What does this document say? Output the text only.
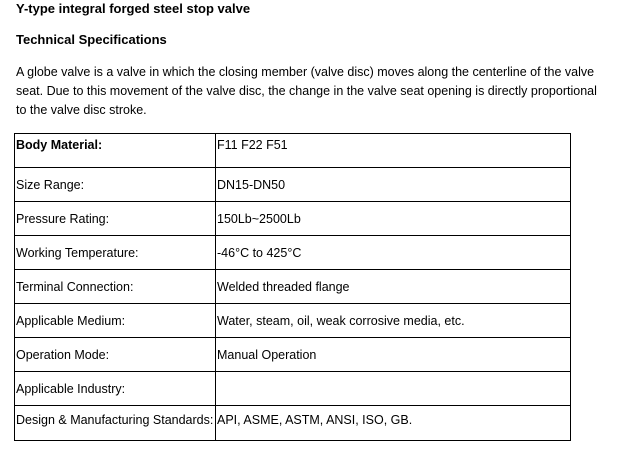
Y-type integral forged steel stop valve
Technical Specifications
A globe valve is a valve in which the closing member (valve disc) moves along the centerline of the valve seat. Due to this movement of the valve disc, the change in the valve seat opening is directly proportional to the valve disc stroke.
Body Material:	F11 F22 F51
Size Range:	DN15-DN50
Pressure Rating:	150Lb~2500Lb
Working Temperature:	-46°C to 425°C
Terminal Connection:	Welded threaded flange
Applicable Medium:	Water, steam, oil, weak corrosive media, etc.
Operation Mode:	Manual Operation
Applicable Industry:	
Design & Manufacturing Standards:	API, ASME, ASTM, ANSI, ISO, GB.
